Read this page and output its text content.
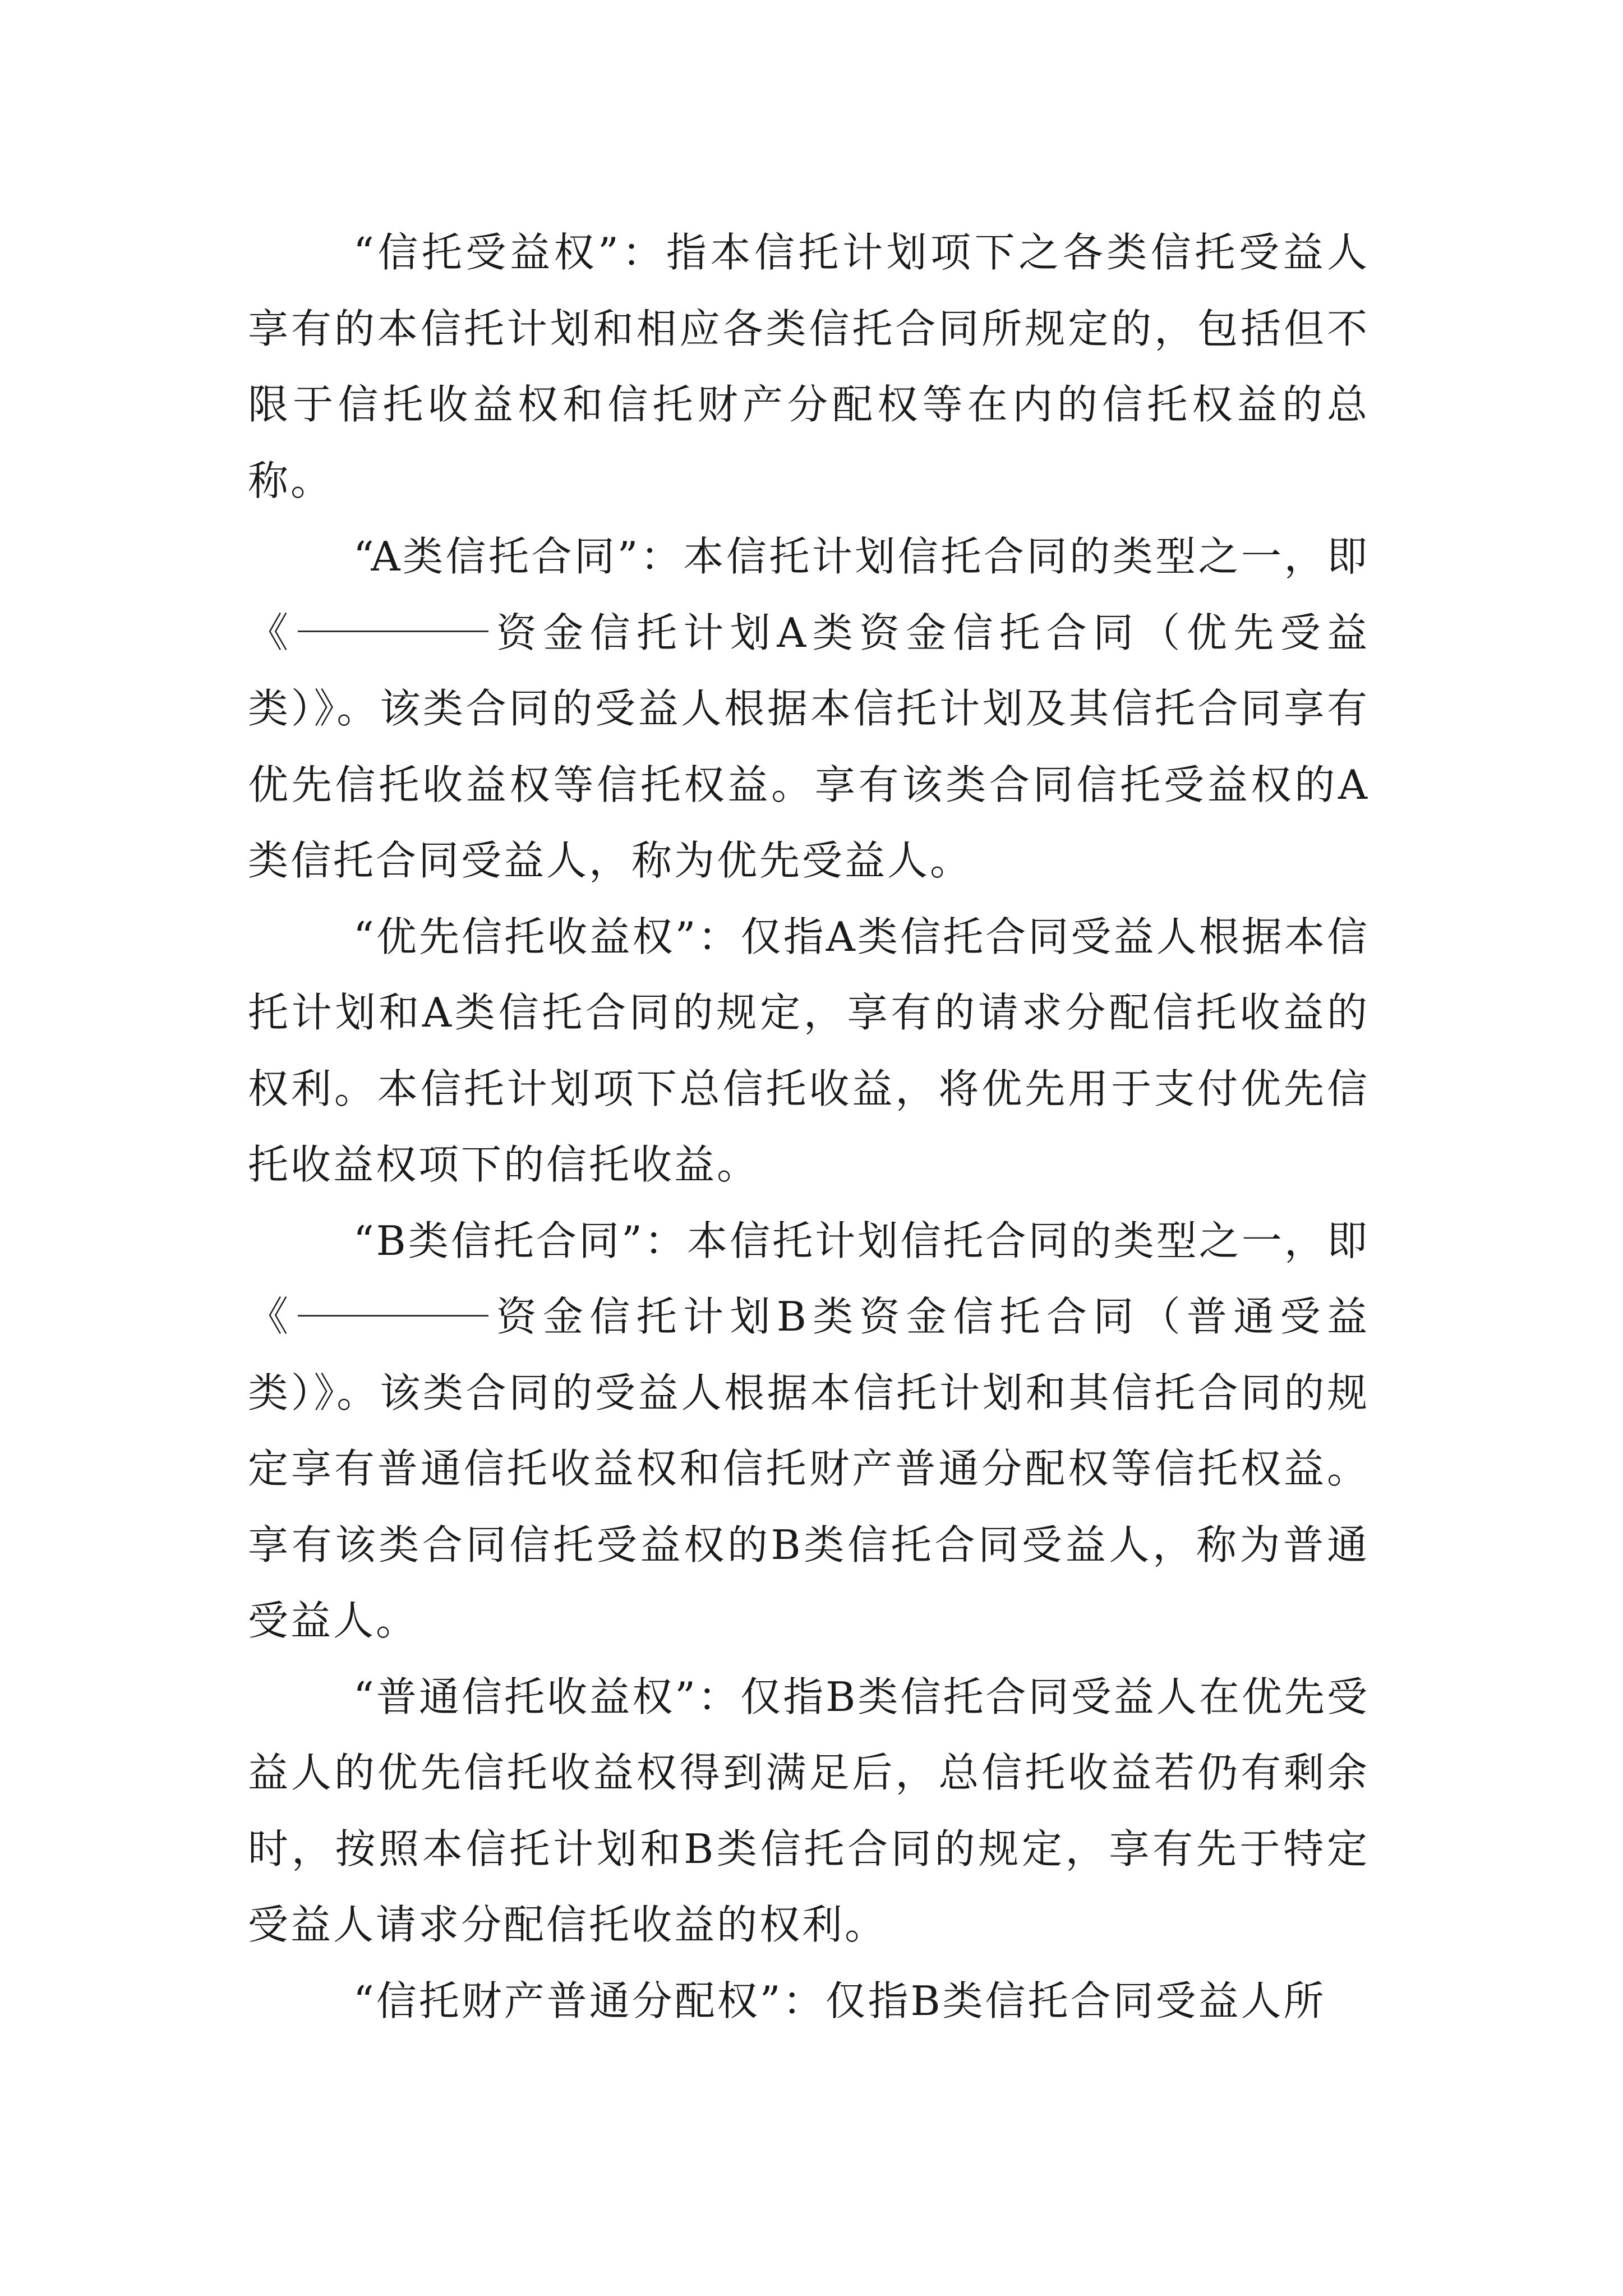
“信托受益权”：指本信托计划项下之各类信托受益人享有的本信托计划和相应各类信托合同所规定的，包括但不限于信托收益权和信托财产分配权等在内的信托权益的总称。

“A类信托合同”：本信托计划信托合同的类型之一，即《	资金信托计划A类资金信托合同（优先受益类）》。该类合同的受益人根据本信托计划及其信托合同享有优先信托收益权等信托权益。享有该类合同信托受益权的A类信托合同受益人，称为优先受益人。

“优先信托收益权”：仅指A类信托合同受益人根据本信托计划和A类信托合同的规定，享有的请求分配信托收益的权利。本信托计划项下总信托收益，将优先用于支付优先信托收益权项下的信托收益。

“B类信托合同”：本信托计划信托合同的类型之一，即《	资金信托计划B类资金信托合同（普通受益类）》。该类合同的受益人根据本信托计划和其信托合同的规定享有普通信托收益权和信托财产普通分配权等信托权益。享有该类合同信托受益权的B类信托合同受益人，称为普通受益人。

“普通信托收益权”：仅指B类信托合同受益人在优先受益人的优先信托收益权得到满足后，总信托收益若仍有剩余时，按照本信托计划和B类信托合同的规定，享有先于特定受益人请求分配信托收益的权利。

“信托财产普通分配权”：仅指B类信托合同受益人所
